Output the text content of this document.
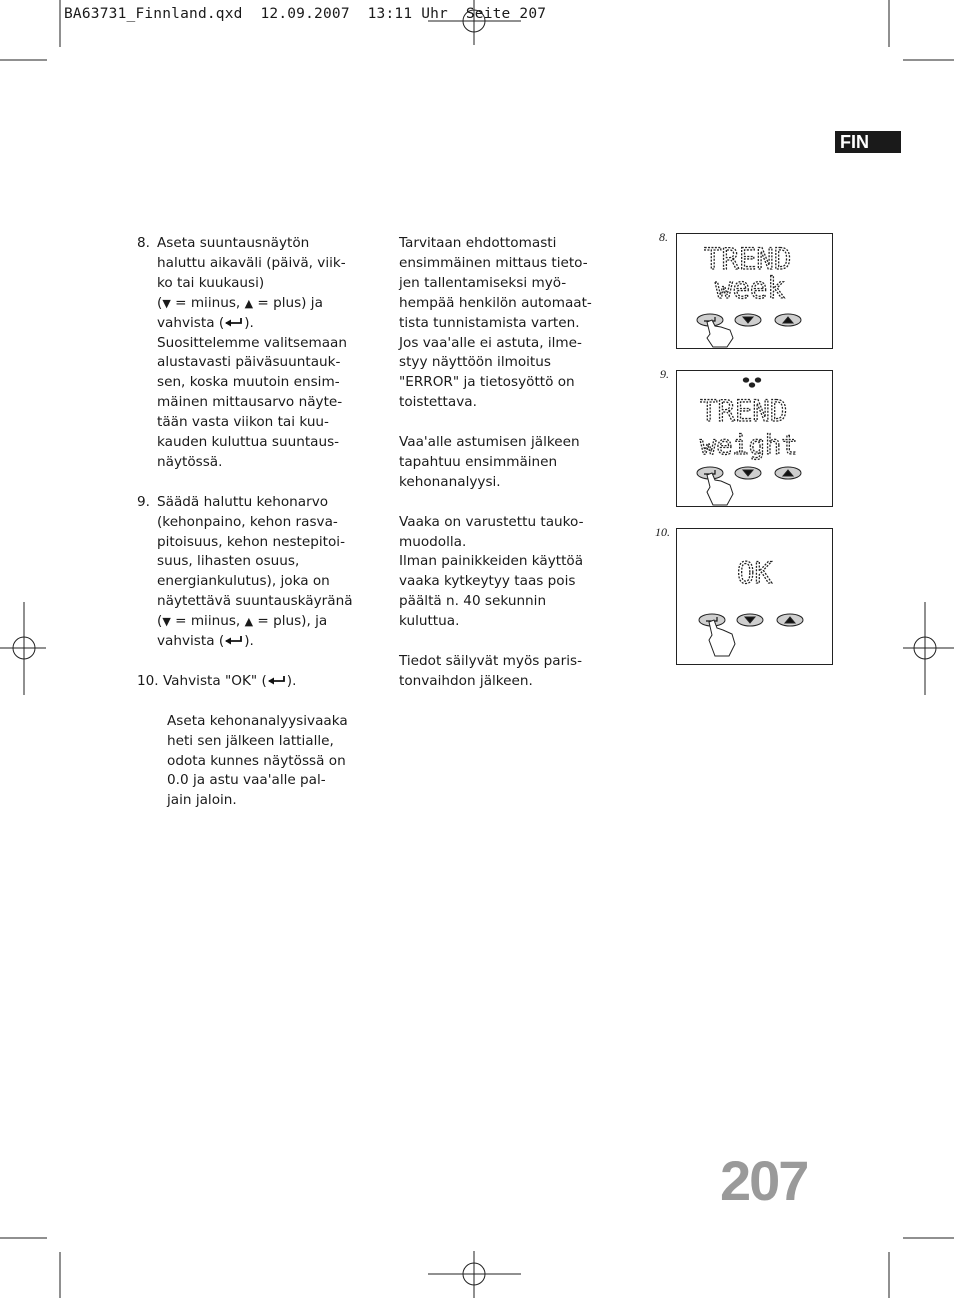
BA63731_Finnland.qxd  12.09.2007  13:11 Uhr  Seite 207
FIN

8. Aseta suuntausnäytön
haluttu aikaväli (päivä, viik-
ko tai kuukausi)
(▼ = miinus, ▲ = plus) ja
vahvista ( ).
Suosittelemme valitsemaan
alustavasti päiväsuuntauk-
sen, koska muutoin ensim-
mäinen mittausarvo näyte-
tään vasta viikon tai kuu-
kauden kuluttua suuntaus-
näytössä.

9. Säädä haluttu kehonarvo
(kehonpaino, kehon rasva-
pitoisuus, kehon nestepitoi-
suus, lihasten osuus,
energiankulutus), joka on
näytettävä suuntauskäyränä
(▼ = miinus, ▲ = plus), ja
vahvista ( ).

10. Vahvista "OK" ( ).

Aseta kehonanalyysivaaka
heti sen jälkeen lattialle,
odota kunnes näytössä on
0.0 ja astu vaa'alle pal-
jain jaloin.

Tarvitaan ehdottomasti
ensimmäinen mittaus tieto-
jen tallentamiseksi myö-
hempää henkilön automaat-
tista tunnistamista varten.
Jos vaa'alle ei astuta, ilme-
styy näyttöön ilmoitus
"ERROR" ja tietosyöttö on
toistettava.

Vaa'alle astumisen jälkeen
tapahtuu ensimmäinen
kehonanalyysi.

Vaaka on varustettu tauko-
muodolla.
Ilman painikkeiden käyttöä
vaaka kytkeytyy taas pois
päältä n. 40 sekunnin
kuluttua.

Tiedot säilyvät myös paris-
tonvaihdon jälkeen.

8.
9.
10.
TREND
week
TREND
weight
OK
207
